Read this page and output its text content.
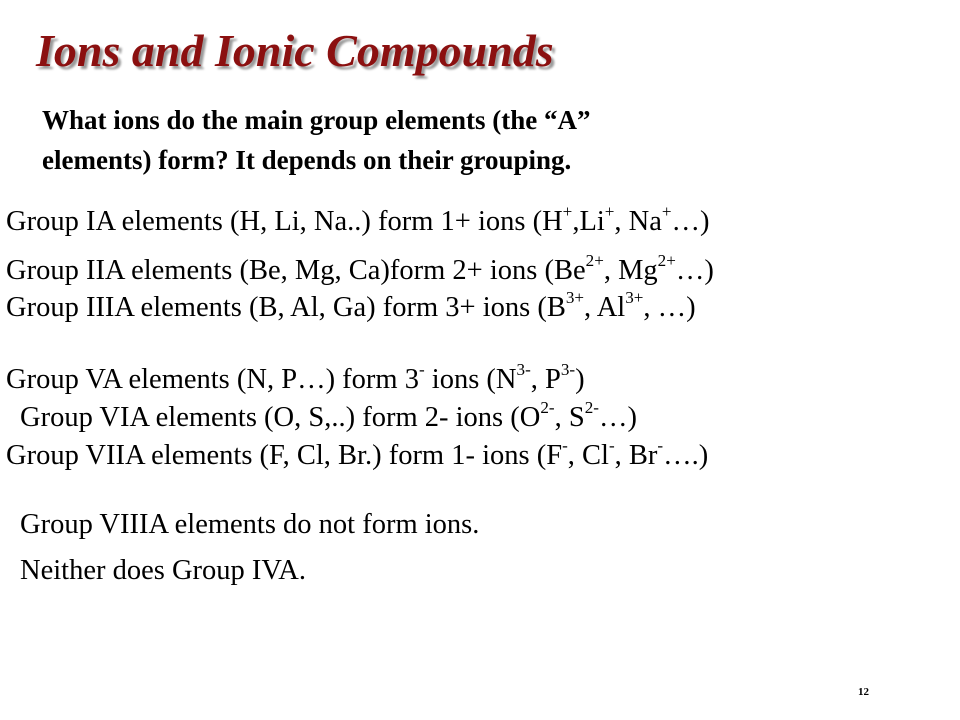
Ions and Ionic Compounds
What ions do the main group elements (the “A”
elements) form? It depends on their grouping.

Group IA elements (H, Li, Na..) form 1+ ions (H+,Li+, Na+…)

Group IIA elements (Be, Mg, Ca)form 2+ ions ($Be^{2+}$, $Mg^{2+}\dots$)

Group IIIA elements (B, Al, Ga) form 3+ ions ($B^{3+}$, $Al^{3+}$, …)

Group VA elements (N, P…) form 3- ions ($N^{3-}$, $P^{3-}$)

Group VIA elements (O, S,..) form 2- ions ($O^{2-}$, $S^{2-}\dots$)

Group VIIA elements (F, Cl, Br.) form 1- ions (F-, Cl-, Br-….)

Group VIIIA elements do not form ions.

Neither does Group IVA.

12
